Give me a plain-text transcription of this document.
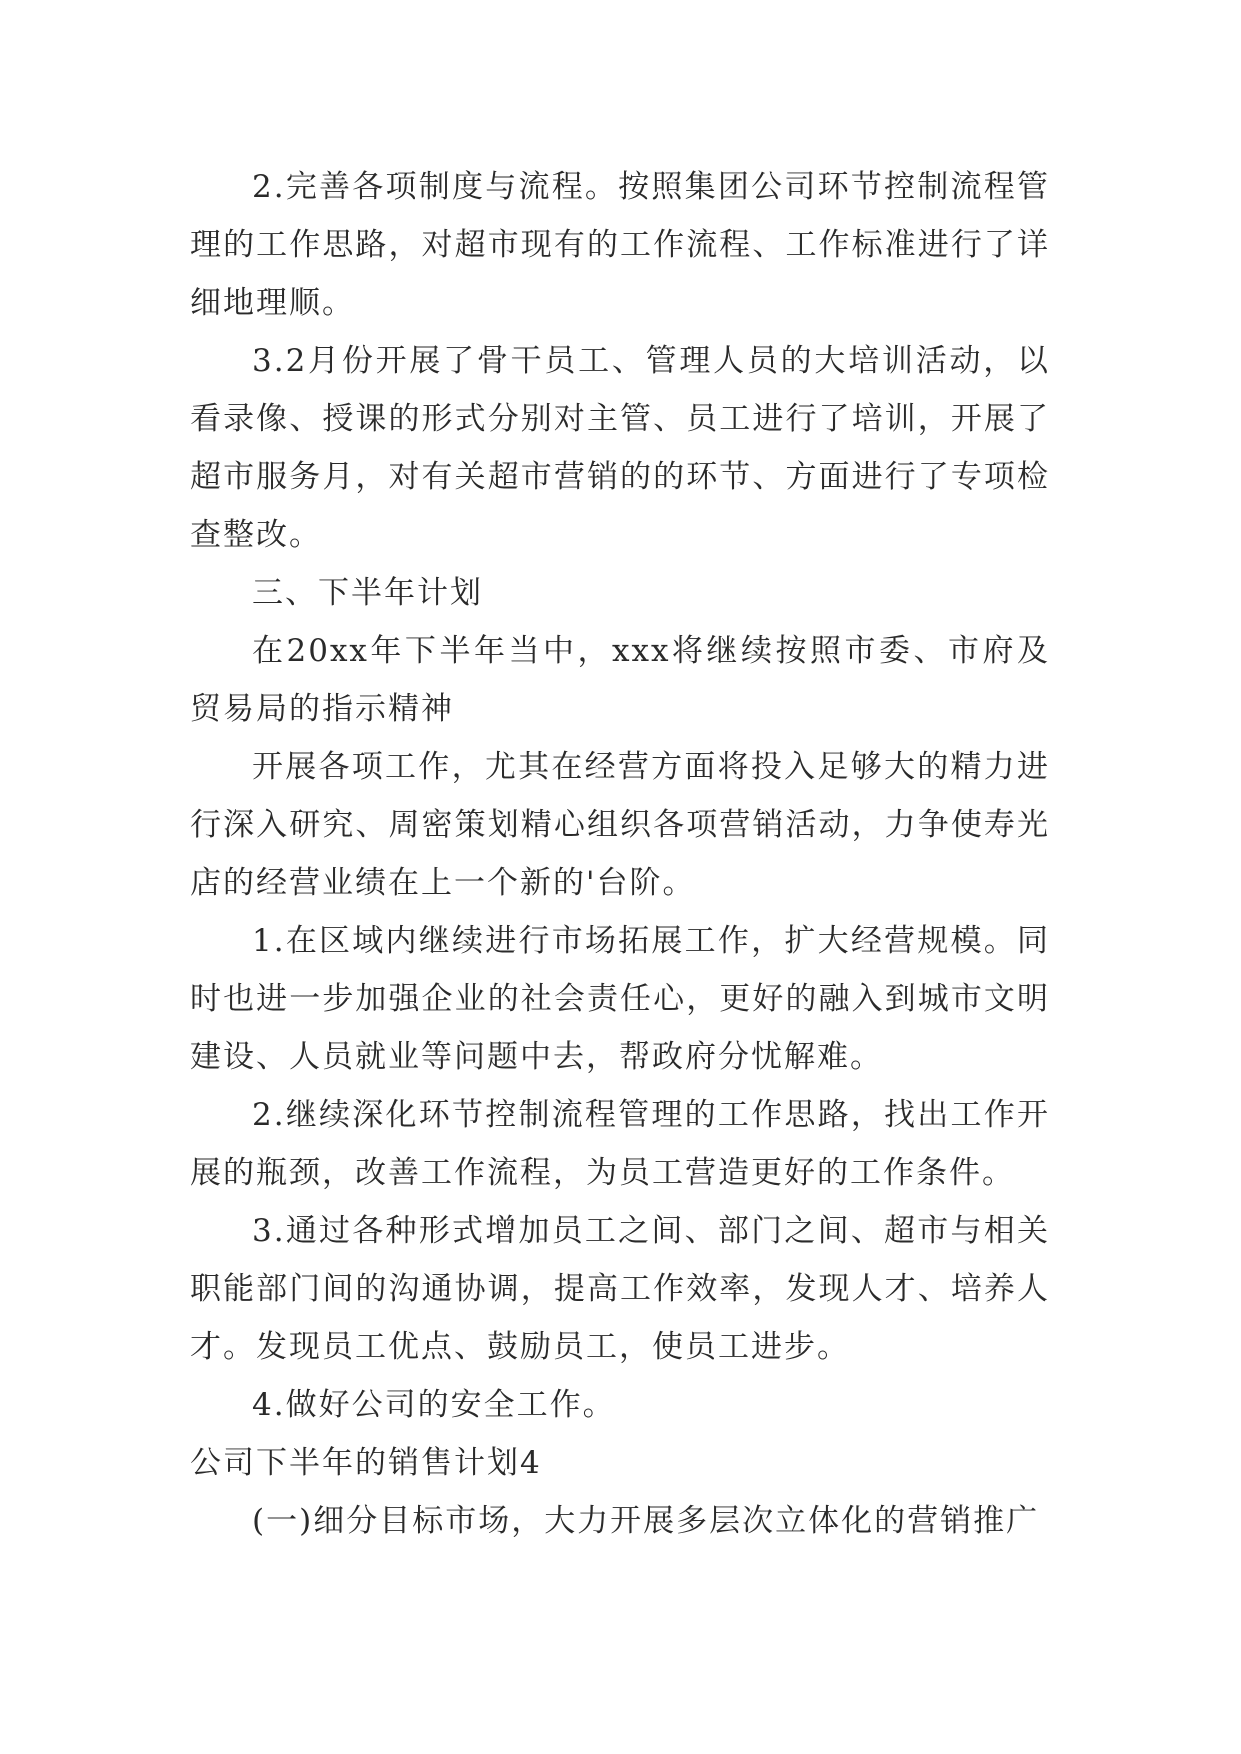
2.完善各项制度与流程。按照集团公司环节控制流程管理的工作思路，对超市现有的工作流程、工作标准进行了详细地理顺。

3.2月份开展了骨干员工、管理人员的大培训活动，以看录像、授课的形式分别对主管、员工进行了培训，开展了超市服务月，对有关超市营销的的环节、方面进行了专项检查整改。

三、下半年计划

在20xx年下半年当中，xxx将继续按照市委、市府及贸易局的指示精神

开展各项工作，尤其在经营方面将投入足够大的精力进行深入研究、周密策划精心组织各项营销活动，力争使寿光店的经营业绩在上一个新的'台阶。

1.在区域内继续进行市场拓展工作，扩大经营规模。同时也进一步加强企业的社会责任心，更好的融入到城市文明建设、人员就业等问题中去，帮政府分忧解难。

2.继续深化环节控制流程管理的工作思路，找出工作开展的瓶颈，改善工作流程，为员工营造更好的工作条件。

3.通过各种形式增加员工之间、部门之间、超市与相关职能部门间的沟通协调，提高工作效率，发现人才、培养人才。发现员工优点、鼓励员工，使员工进步。

4.做好公司的安全工作。

公司下半年的销售计划4

(一)细分目标市场，大力开展多层次立体化的营销推广
